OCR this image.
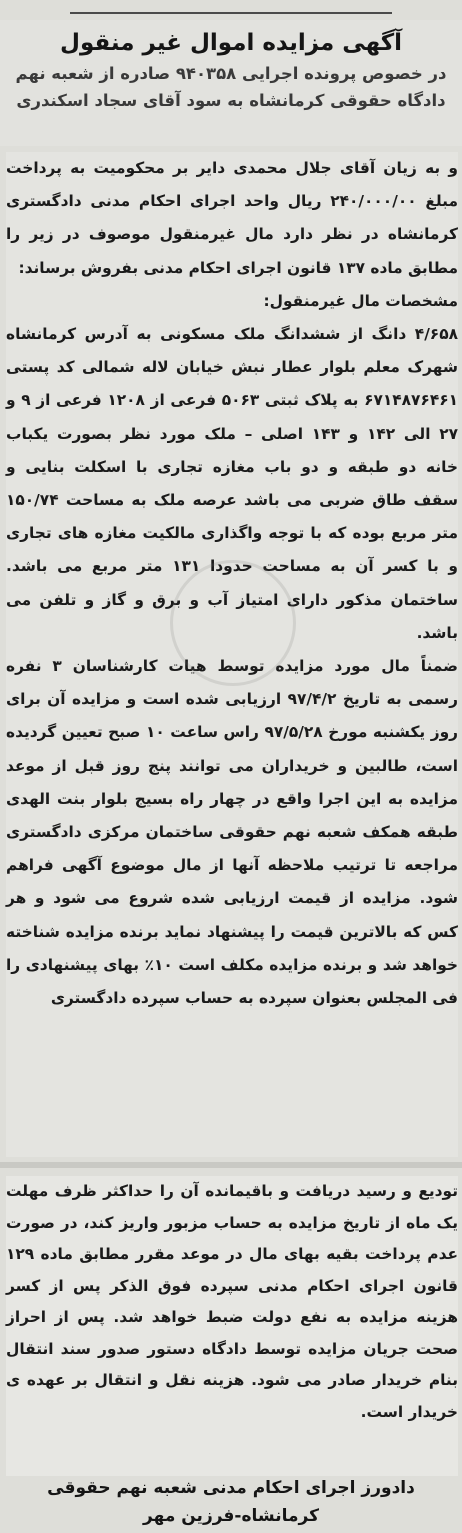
آگهی مزایده اموال غیر منقول
در خصوص پرونده اجرایی ۹۴۰۳۵۸ صادره از شعبه نهم
دادگاه حقوقی کرمانشاه به سود آقای سجاد اسکندری

و به زیان آقای جلال محمدی دایر بر محکومیت به پرداخت مبلغ ۲۴۰/۰۰۰/۰۰ ریال واحد اجرای احکام مدنی دادگستری کرمانشاه در نظر دارد مال غیرمنقول موصوف در زیر را مطابق ماده ۱۳۷ قانون اجرای احکام مدنی بفروش برساند:

مشخصات مال غیرمنقول:

۴/۶۵۸ دانگ از ششدانگ ملک مسکونی به آدرس کرمانشاه شهرک معلم بلوار عطار نبش خیابان لاله شمالی کد پستی ۶۷۱۴۸۷۶۴۶۱ به پلاک ثبتی ۵۰۶۳ فرعی از ۱۲۰۸ فرعی از ۹ و ۲۷ الی ۱۴۲ و ۱۴۳ اصلی – ملک مورد نظر بصورت یکباب خانه دو طبقه و دو باب مغازه تجاری با اسکلت بنایی و سقف طاق ضربی می باشد عرصه ملک به مساحت ۱۵۰/۷۴ متر مربع بوده که با توجه واگذاری مالکیت مغازه های تجاری و با کسر آن به مساحت حدودا ۱۳۱ متر مربع می باشد. ساختمان مذکور دارای امتیاز آب و برق و گاز و تلفن می باشد.

ضمناً مال مورد مزایده توسط هیات کارشناسان ۳ نفره رسمی به تاریخ ۹۷/۴/۲ ارزیابی شده است و مزایده آن برای روز یکشنبه مورخ ۹۷/۵/۲۸ راس ساعت ۱۰ صبح تعیین گردیده است، طالبین و خریداران می توانند پنج روز قبل از موعد مزایده به این اجرا واقع در چهار راه بسیج بلوار بنت الهدی طبقه همکف شعبه نهم حقوقی ساختمان مرکزی دادگستری مراجعه تا ترتیب ملاحظه آنها از مال موضوع آگهی فراهم شود. مزایده از قیمت ارزیابی شده شروع می شود و هر کس که بالاترین قیمت را پیشنهاد نماید برنده مزایده شناخته خواهد شد و برنده مزایده مکلف است ۱۰٪ بهای پیشنهادی را فی المجلس بعنوان سپرده به حساب سپرده دادگستری

تودیع و رسید دریافت و باقیمانده آن را حداکثر ظرف مهلت یک ماه از تاریخ مزایده به حساب مزبور واریز کند، در صورت عدم پرداخت بقیه بهای مال در موعد مقرر مطابق ماده ۱۲۹ قانون اجرای احکام مدنی سپرده فوق الذکر پس از کسر هزینه مزایده به نفع دولت ضبط خواهد شد. پس از احراز صحت جریان مزایده توسط دادگاه دستور صدور سند انتقال بنام خریدار صادر می شود. هزینه نقل و انتقال بر عهده ی خریدار است.

دادورز اجرای احکام مدنی شعبه نهم حقوقی
کرمانشاه-فرزین مهر
